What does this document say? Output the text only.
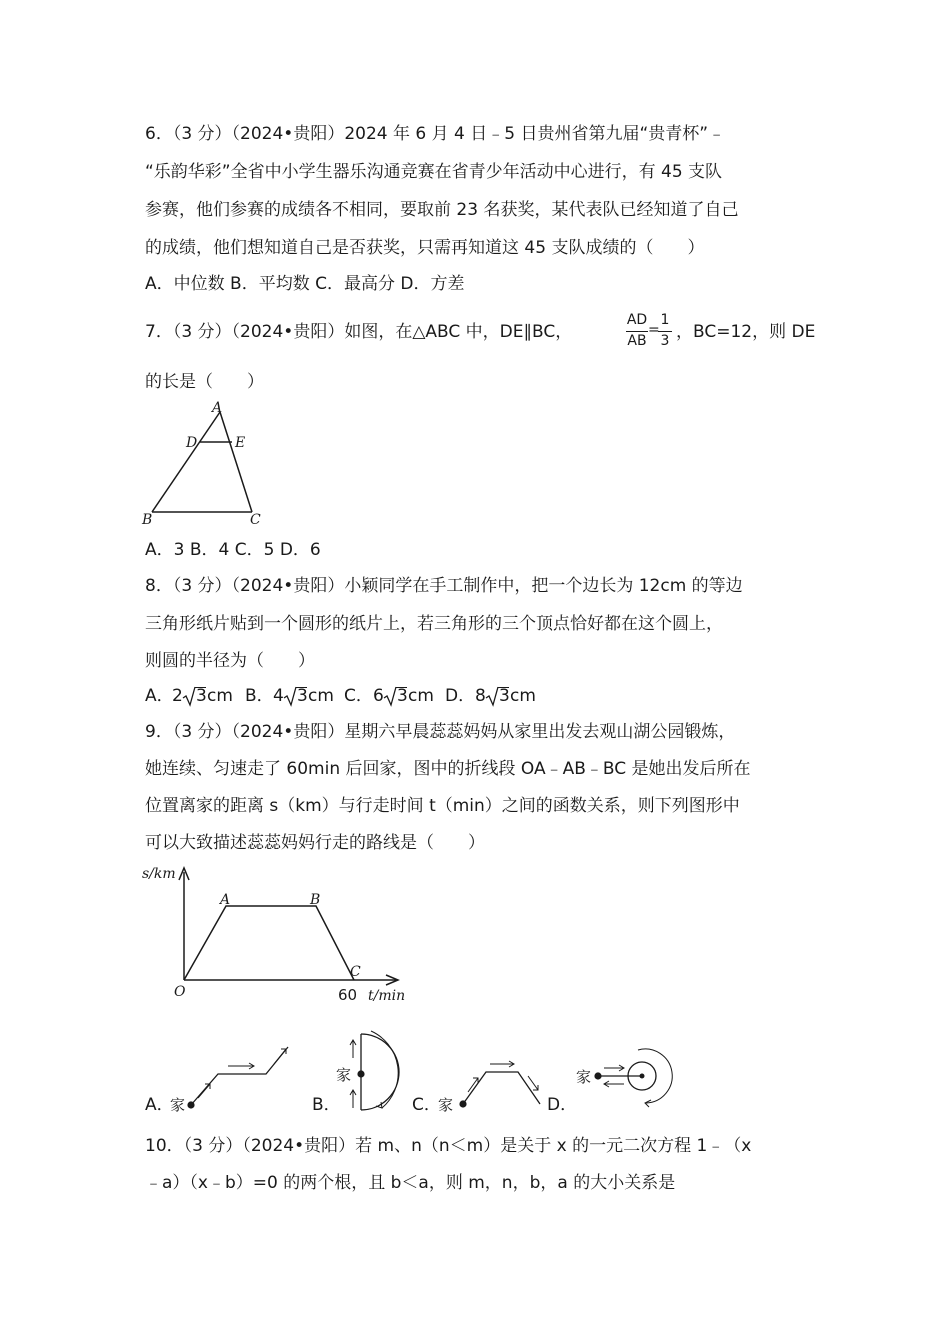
6．（3 分）（2024•贵阳）2024 年 6 月 4 日﹣5 日贵州省第九届“贵青杯”﹣
“乐韵华彩”全省中小学生器乐沟通竞赛在省青少年活动中心进行，有 45 支队
参赛，他们参赛的成绩各不相同，要取前 23 名获奖，某代表队已经知道了自己
的成绩，他们想知道自己是否获奖，只需再知道这 45 支队成绩的（　　）
A．中位数 B．平均数 C．最高分 D．方差
7．（3 分）（2024•贵阳）如图，在△ABC 中，DE∥BC，
AD
AB
=
1
3 ，BC=12，则 DE
的长是（　　）
A
D	E
B	C
A．3 B．4 C．5 D．6
8．（3 分）（2024•贵阳）小颖同学在手工制作中，把一个边长为 12cm 的等边
三角形纸片贴到一个圆形的纸片上，若三角形的三个顶点恰好都在这个圆上，
则圆的半径为（　　）
A．
2 3 cm B． 4 3 cm C． 6 3 cm D． 8 3 cm
9．（3 分）（2024•贵阳）星期六早晨蕊蕊妈妈从家里出发去观山湖公园锻炼，
她连续、匀速走了 60min 后回家，图中的折线段 OA﹣AB﹣BC 是她出发后所在
位置离家的距离 s（km）与行走时间 t（min）之间的函数关系，则下列图形中
可以大致描述蕊蕊妈妈行走的路线是（　　）
s/km
A	B
C
O	60 t/min
A．
家	B．
家
C．
家	D．
家
10．（3 分）（2024•贵阳）若 m、n（n＜m）是关于 x 的一元二次方程 1﹣（x
﹣a）（x﹣b）=0 的两个根，且 b＜a，则 m，n，b，a 的大小关系是
